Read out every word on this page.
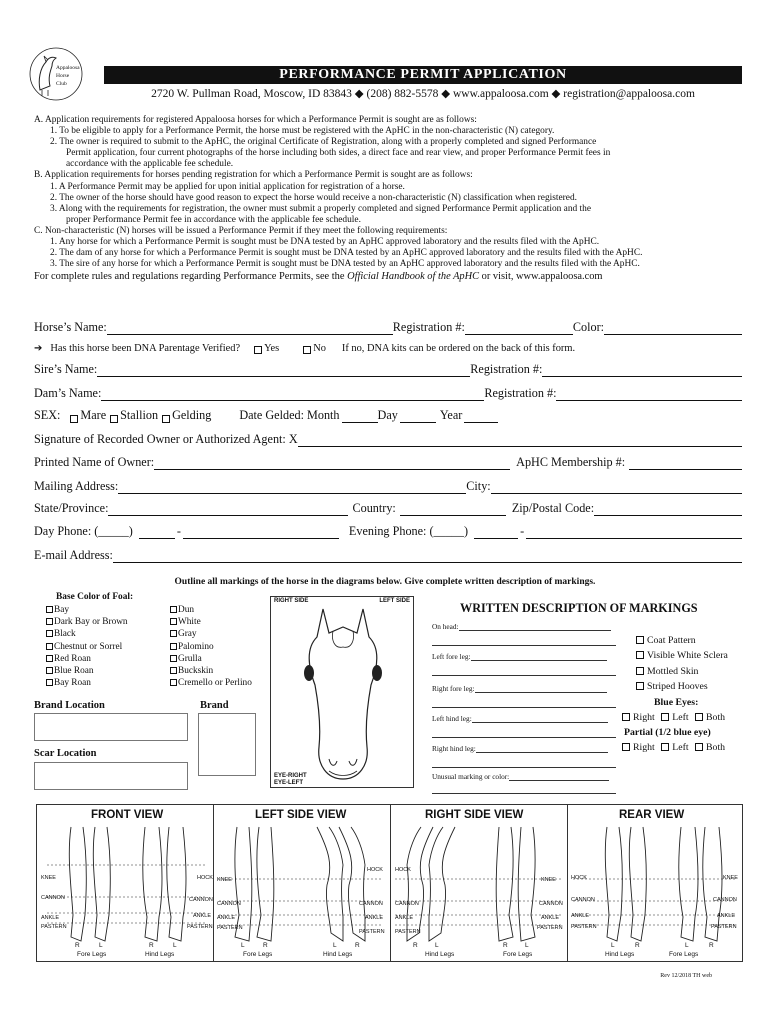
Appaloosa
Horse
Club
PERFORMANCE PERMIT APPLICATION
2720 W. Pullman Road, Moscow, ID 83843 ◆ (208) 882-5578 ◆ www.appaloosa.com ◆ registration@appaloosa.com
A. Application requirements for registered Appaloosa horses for which a Performance Permit is sought are as follows:
1. To be eligible to apply for a Performance Permit, the horse must be registered with the ApHC in the non-characteristic (N) category.
2. The owner is required to submit to the ApHC, the original Certificate of Registration, along with a properly completed and signed Performance
Permit application, four current photographs of the horse including both sides, a direct face and rear view, and proper Performance Permit fees in
accordance with the applicable fee schedule.
B. Application requirements for horses pending registration for which a Performance Permit is sought are as follows:
1. A Performance Permit may be applied for upon initial application for registration of a horse.
2. The owner of the horse should have good reason to expect the horse would receive a non-characteristic (N) classification when registered.
3. Along with the requirements for registration, the owner must submit a properly completed and signed Performance Permit application and the
proper Performance Permit fee in accordance with the applicable fee schedule.
C. Non-characteristic (N) horses will be issued a Performance Permit if they meet the following requirements:
1. Any horse for which a Performance Permit is sought must be DNA tested by an ApHC approved laboratory and the results filed with the ApHC.
2. The dam of any horse for which a Performance Permit is sought must be DNA tested by an ApHC approved laboratory and the results filed with the ApHC.
3. The sire of any horse for which a Performance Permit is sought must be DNA tested by an ApHC approved laboratory and the results filed with the ApHC.
For complete rules and regulations regarding Performance Permits, see the Official Handbook of the ApHC or visit, www.appaloosa.com
Horse’s Name:	Registration #:	Color:
➔ Has this horse been DNA Parentage Verified? Yes	No If no, DNA kits can be ordered on the back of this form.
Sire’s Name:	Registration #:
Dam’s Name:	Registration #:
SEX: Mare Stallion Gelding Date Gelded: Month	Day	Year
Signature of Recorded Owner or Authorized Agent: X
Printed Name of Owner:	ApHC Membership #:
Mailing Address:	City:
State/Province:	Country:	Zip/Postal Code:
Day Phone: (_____)	-	Evening Phone: (_____)	-
E-mail Address:
Outline all markings of the horse in the diagrams below. Give complete written description of markings.
Base Color of Foal:
Bay
Dark Bay or Brown
Black
Chestnut or Sorrel
Red Roan
Blue Roan
Bay Roan
Dun
White
Gray
Palomino
Grulla
Buckskin
Cremello or Perlino
Brand Location	Brand
Scar Location
RIGHT SIDE	LEFT SIDE
EYE-RIGHT
EYE-LEFT
WRITTEN DESCRIPTION OF MARKINGS
On head:
Left fore leg:
Right fore leg:
Left hind leg:
Right hind leg:
Unusual marking or color:
Coat Pattern
Visible White Sclera
Mottled Skin
Striped Hooves
Blue Eyes:
Right Left Both
Partial (1/2 blue eye)
Right Left Both
FRONT VIEW	LEFT SIDE VIEW	RIGHT SIDE VIEW	REAR VIEW
KNEE
CANNON
ANKLE
PASTERN
HOCK
CANNON
ANKLE
PASTERN
KNEE
CANNON
ANKLE
PASTERN
HOCK
CANNON
ANKLE
PASTERN
HOCK
CANNON
ANKLE
PASTERN
KNEE
CANNON
ANKLE
PASTERN
HOCK
CANNON
ANKLE
PASTERN
KNEE
CANNON
ANKLE
PASTERN
R	L	R	L
Fore Legs	Hind Legs
L	R	L	R
Fore Legs	Hind Legs
R	L	R	L
Hind Legs	Fore Legs
L	R	L	R
Hind Legs	Fore Legs
Rev 12/2018 TH web
